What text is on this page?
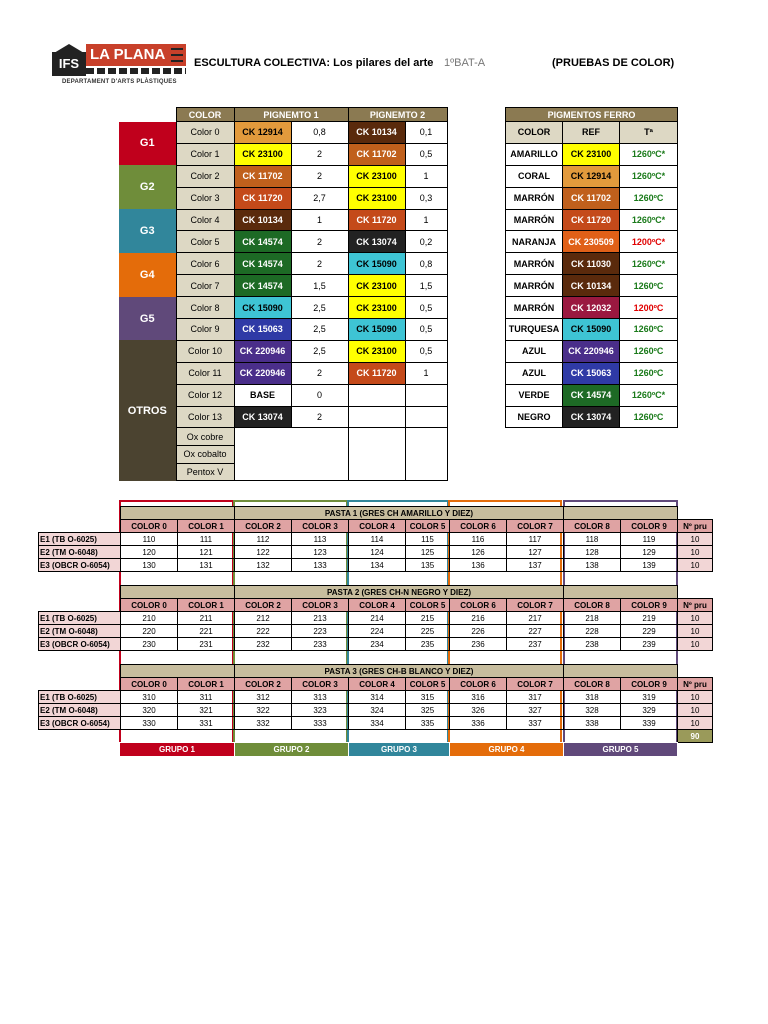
IFS
LA PLANA
DEPARTAMENT D'ARTS PLÀSTIQUES
ESCULTURA COLECTIVA: Los pilares del arte 1ºBAT-A	(PRUEBAS DE COLOR)
	COLOR	PIGNEMTO 1		PIGNEMTO 2	
G1	Color 0	CK 12914	0,8	CK 10134	0,1
	Color 1	CK 23100	2	CK 11702	0,5
G2	Color 2	CK 11702	2	CK 23100	1
	Color 3	CK 11720	2,7	CK 23100	0,3
G3	Color 4	CK 10134	1	CK 11720	1
	Color 5	CK 14574	2	CK 13074	0,2
G4	Color 6	CK 14574	2	CK 15090	0,8
	Color 7	CK 14574	1,5	CK 23100	1,5
G5	Color 8	CK 15090	2,5	CK 23100	0,5
	Color 9	CK 15063	2,5	CK 15090	0,5
OTROS	Color 10	CK 220946	2,5	CK 23100	0,5
	Color 11	CK 220946	2	CK 11720	1
	Color 12	BASE	0		
	Color 13	CK 13074	2		
	Ox cobre				
	Ox cobalto				
	Pentox V				
PIGMENTOS FERRO		
COLOR	REF	Tª
AMARILLO	CK 23100	1260ºC*
CORAL	CK 12914	1260ºC*
MARRÓN	CK 11702	1260ºC
MARRÓN	CK 11720	1260ºC*
NARANJA	CK 230509	1200ºC*
MARRÓN	CK 11030	1260ºC*
MARRÓN	CK 10134	1260ºC
MARRÓN	CK 12032	1200ºC
TURQUESA	CK 15090	1260ºC
AZUL	CK 220946	1260ºC
AZUL	CK 15063	1260ºC
VERDE	CK 14574	1260ºC*
NEGRO	CK 13074	1260ºC
			PASTA 1 (GRES CH AMARILLO Y DIEZ)								
	COLOR 0	COLOR 1	COLOR 2	COLOR 3	COLOR 4	COLOR 5	COLOR 6	COLOR 7	COLOR 8	COLOR 9	Nº pru
E1 (TB O-6025)	110	111	112	113	114	115	116	117	118	119	10
E2 (TM O-6048)	120	121	122	123	124	125	126	127	128	129	10
E3 (OBCR O-6054)	130	131	132	133	134	135	136	137	138	139	10
			PASTA 2 (GRES CH-N NEGRO Y DIEZ)								
	COLOR 0	COLOR 1	COLOR 2	COLOR 3	COLOR 4	COLOR 5	COLOR 6	COLOR 7	COLOR 8	COLOR 9	Nº pru
E1 (TB O-6025)	210	211	212	213	214	215	216	217	218	219	10
E2 (TM O-6048)	220	221	222	223	224	225	226	227	228	229	10
E3 (OBCR O-6054)	230	231	232	233	234	235	236	237	238	239	10
			PASTA 3 (GRES CH-B BLANCO Y DIEZ)								
	COLOR 0	COLOR 1	COLOR 2	COLOR 3	COLOR 4	COLOR 5	COLOR 6	COLOR 7	COLOR 8	COLOR 9	Nº pru
E1 (TB O-6025)	310	311	312	313	314	315	316	317	318	319	10
E2 (TM O-6048)	320	321	322	323	324	325	326	327	328	329	10
E3 (OBCR O-6054)	330	331	332	333	334	335	336	337	338	339	10
											90
GRUPO 1	GRUPO 2	GRUPO 3	GRUPO 4	GRUPO 5
